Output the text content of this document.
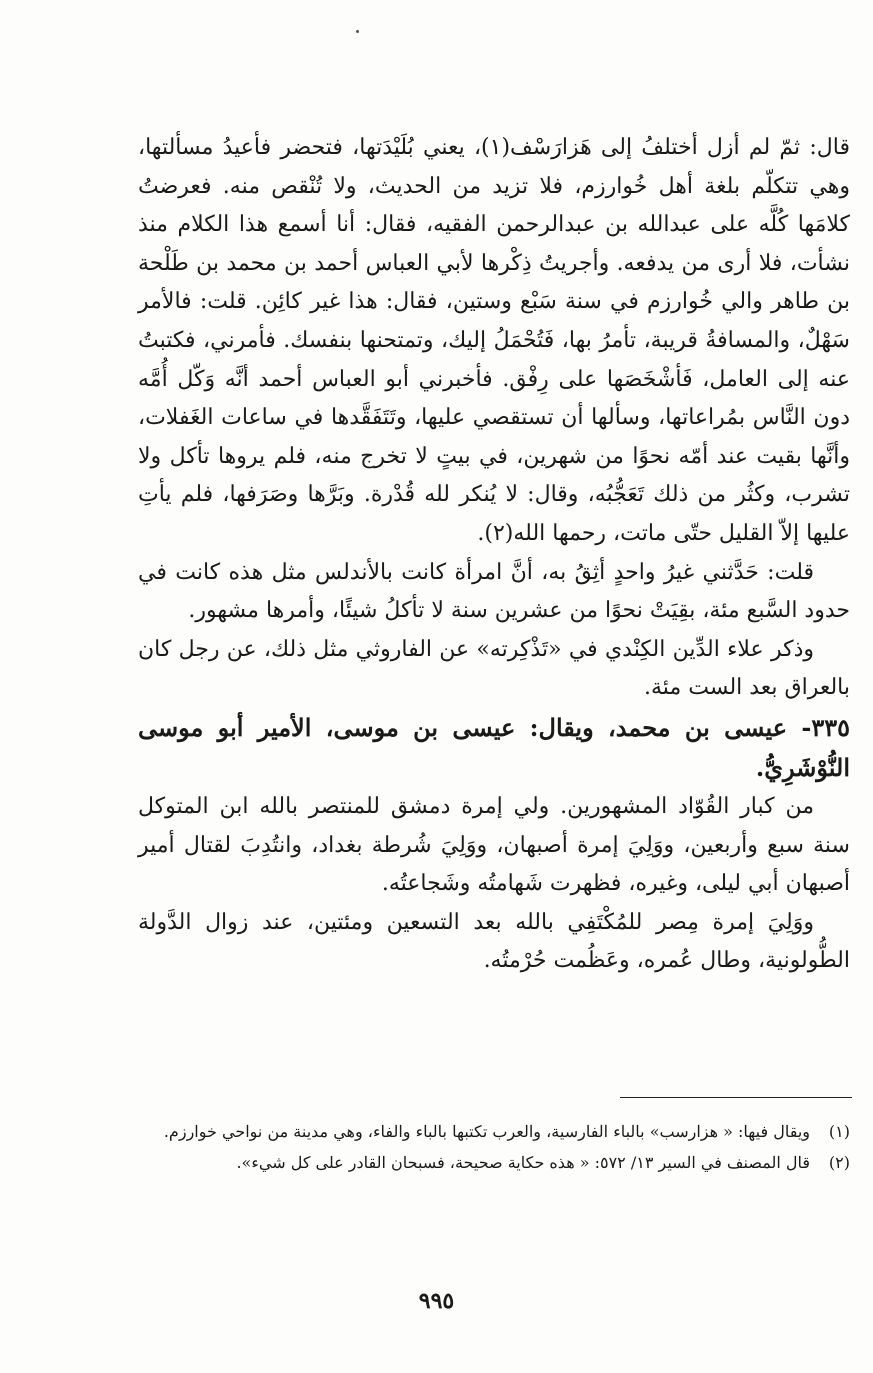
قال: ثمّ لم أزل أختلفُ إلى هَزارَسْف(١)، يعني بُلَيْدَتها، فتحضر فأعيدُ مسألتها، وهي تتكلّم بلغة أهل خُوارزم، فلا تزيد من الحديث، ولا تُنْقص منه. فعرضتُ كلامَها كُلَّه على عبدالله بن عبدالرحمن الفقيه، فقال: أنا أسمع هذا الكلام منذ نشأت، فلا أرى من يدفعه. وأجريتُ ذِكْرها لأبي العباس أحمد بن محمد بن طَلْحة بن طاهر والي خُوارزم في سنة سَبْع وستين، فقال: هذا غير كائِن. قلت: فالأمر سَهْلٌ، والمسافةُ قريبة، تأمرُ بها، فَتُحْمَلُ إليك، وتمتحنها بنفسك. فأمرني، فكتبتُ عنه إلى العامل، فَأشْخَصَها على رِفْق. فأخبرني أبو العباس أحمد أنَّه وَكّل أُمَّه دون النَّاس بمُراعاتها، وسألها أن تستقصي عليها، وتَتَفَقَّدها في ساعات الغَفلات، وأنَّها بقيت عند أمّه نحوًا من شهرين، في بيتٍ لا تخرج منه، فلم يروها تأكل ولا تشرب، وكثُر من ذلك تَعَجُّبُه، وقال: لا يُنكر لله قُدْرة. وبَرَّها وصَرَفها، فلم يأتِ عليها إلاّ القليل حتّى ماتت، رحمها الله(٢).

قلت: حَدَّثني غيرُ واحدٍ أثِقُ به، أنَّ امرأة كانت بالأندلس مثل هذه كانت في حدود السَّبع مئة، بقِيَتْ نحوًا من عشرين سنة لا تأكلُ شيئًا، وأمرها مشهور.

وذكر علاء الدِّين الكِنْدي في «تَذْكِرته» عن الفاروثي مثل ذلك، عن رجل كان بالعراق بعد الست مئة.

٣٣٥- عيسى بن محمد، ويقال: عيسى بن موسى، الأمير أبو موسى النُّوْشَرِيُّ.

من كبار القُوّاد المشهورين. ولي إمرة دمشق للمنتصر بالله ابن المتوكل سنة سبع وأربعين، ووَلِيَ إمرة أصبهان، ووَلِيَ شُرطة بغداد، وانتُدِبَ لقتال أمير أصبهان أبي ليلى، وغيره، فظهرت شَهامتُه وشَجاعتُه.

ووَلِيَ إمرة مِصر للمُكْتَفِي بالله بعد التسعين ومئتين، عند زوال الدَّولة الطُّولونية، وطال عُمره، وعَظُمت حُرْمتُه.

(١)
ويقال فيها: « هزارسب» بالباء الفارسية، والعرب تكتبها بالباء والفاء، وهي مدينة من نواحي خوارزم.
(٢)
قال المصنف في السير ١٣/ ٥٧٢: « هذه حكاية صحيحة، فسبحان القادر على كل شيء».
٩٩٥
